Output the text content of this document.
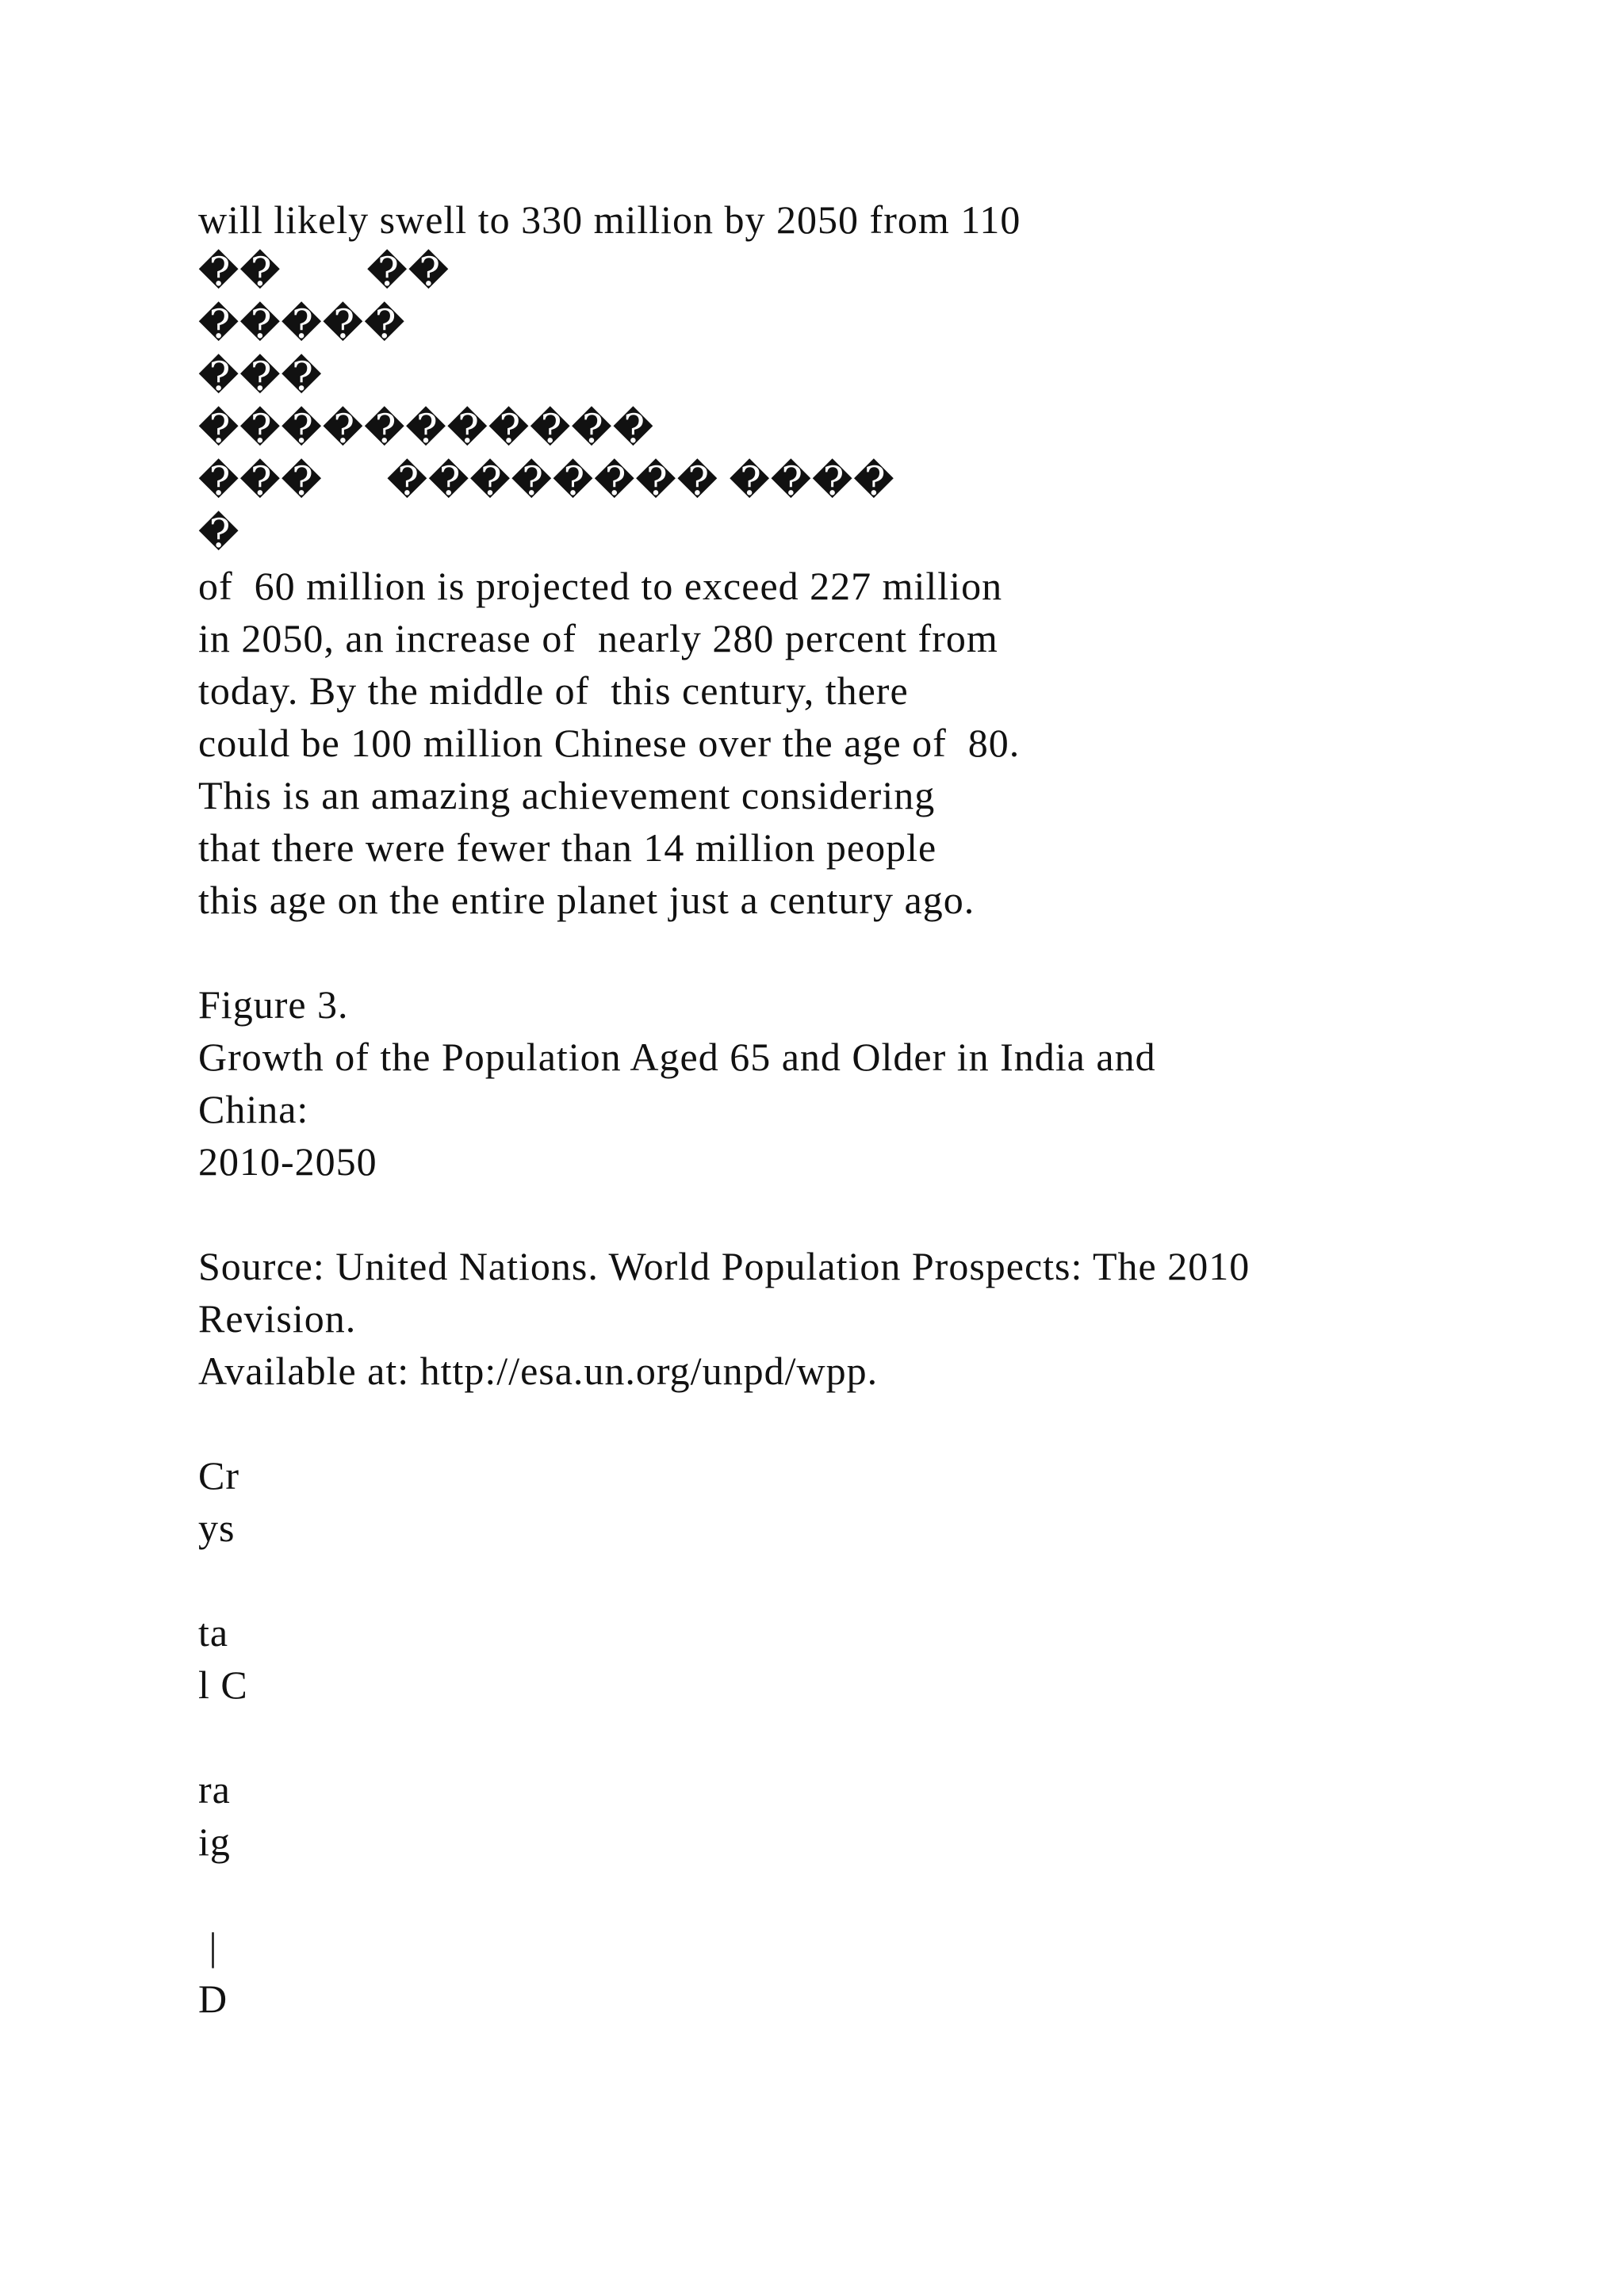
will likely swell to 330 million by 2050 from 110
��        ��
�����
���
�����������
���      �������� ����
�
of  60 million is projected to exceed 227 million
in 2050, an increase of  nearly 280 percent from
today. By the middle of  this century, there
could be 100 million Chinese over the age of  80.
This is an amazing achievement considering
that there were fewer than 14 million people
this age on the entire planet just a century ago.
Figure 3.
Growth of the Population Aged 65 and Older in India and
China:
2010-2050
Source: United Nations. World Population Prospects: The 2010
Revision.
Available at: http://esa.un.org/unpd/wpp.
Cr
ys
ta
l C
ra
ig
|
D
